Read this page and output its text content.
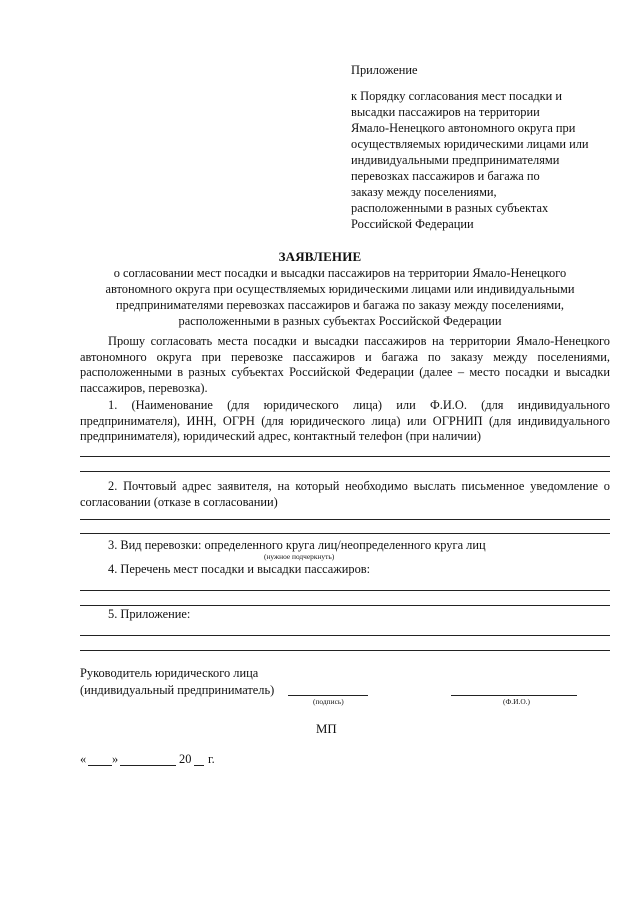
Приложение
к Порядку согласования мест посадки и
высадки пассажиров на территории
Ямало-Ненецкого автономного округа при
осуществляемых юридическими лицами или
индивидуальными предпринимателями
перевозках пассажиров и багажа по
заказу между поселениями,
расположенными в разных субъектах
Российской Федерации
ЗАЯВЛЕНИЕ
о согласовании мест посадки и высадки пассажиров на территории Ямало-Ненецкого
автономного округа при осуществляемых юридическими лицами или индивидуальными
предпринимателями перевозках пассажиров и багажа по заказу между поселениями,
расположенными в разных субъектах Российской Федерации
Прошу согласовать места посадки и высадки пассажиров на территории Ямало-Ненецкого
автономного округа при перевозке пассажиров и багажа по заказу между поселениями,
расположенными в разных субъектах Российской Федерации (далее – место посадки и высадки
пассажиров, перевозка).
1. (Наименование (для юридического лица) или Ф.И.О. (для индивидуального
предпринимателя), ИНН, ОГРН (для юридического лица) или ОГРНИП (для индивидуального
предпринимателя), юридический адрес, контактный телефон (при наличии)
2. Почтовый адрес заявителя, на который необходимо выслать письменное уведомление о
согласовании (отказе в согласовании)
3. Вид перевозки: определенного круга лиц/неопределенного круга лиц
(нужное подчеркнуть)
4. Перечень мест посадки и высадки пассажиров:
5. Приложение:
Руководитель юридического лица
(индивидуальный предприниматель)
(подпись)	(Ф.И.О.)
МП
« »	20 г.
